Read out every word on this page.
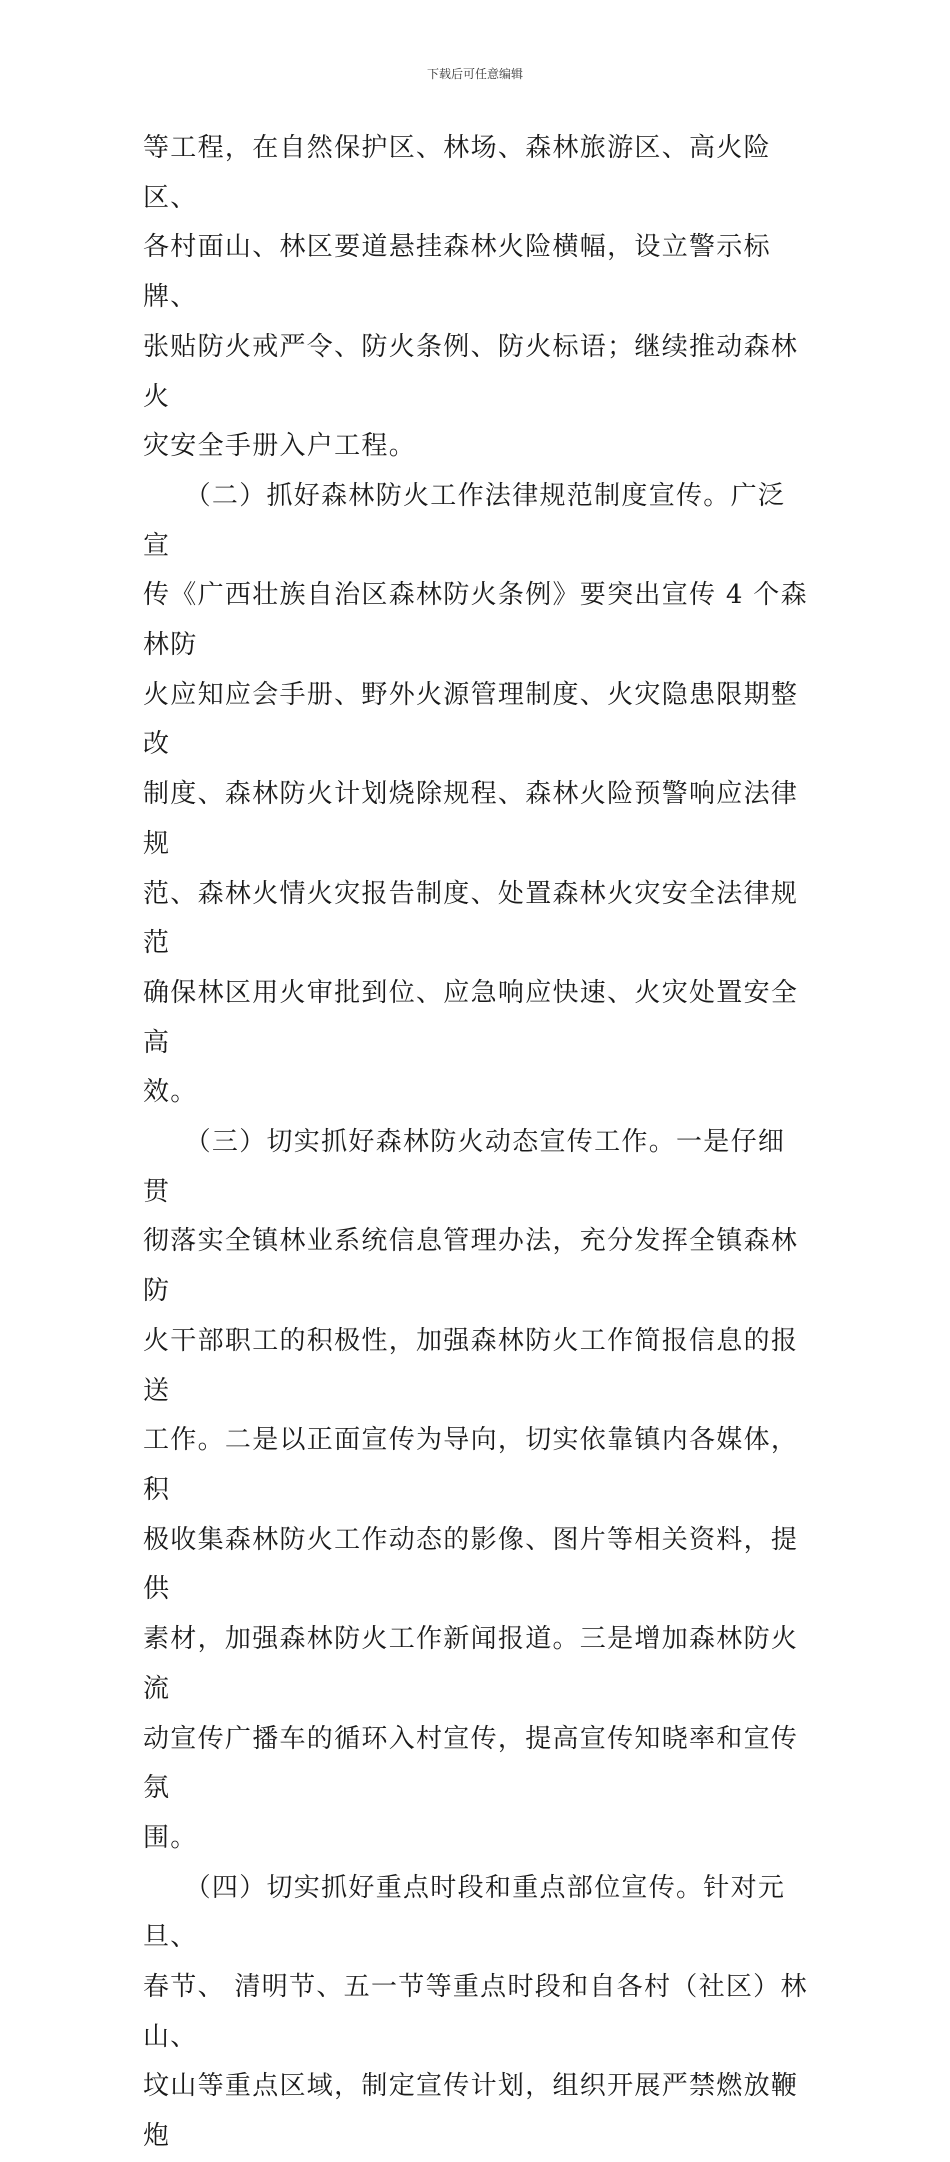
下载后可任意编辑

等工程，在自然保护区、林场、森林旅游区、高火险区、
各村面山、林区要道悬挂森林火险横幅，设立警示标牌、
张贴防火戒严令、防火条例、防火标语；继续推动森林火
灾安全手册入户工程。

　　（二）抓好森林防火工作法律规范制度宣传。广泛宣
传《广西壮族自治区森林防火条例》要突出宣传 4 个森林防
火应知应会手册、野外火源管理制度、火灾隐患限期整改
制度、森林防火计划烧除规程、森林火险预警响应法律规
范、森林火情火灾报告制度、处置森林火灾安全法律规范
确保林区用火审批到位、应急响应快速、火灾处置安全高
效。

　　（三）切实抓好森林防火动态宣传工作。一是仔细贯
彻落实全镇林业系统信息管理办法，充分发挥全镇森林防
火干部职工的积极性，加强森林防火工作简报信息的报送
工作。二是以正面宣传为导向，切实依靠镇内各媒体，积
极收集森林防火工作动态的影像、图片等相关资料，提供
素材，加强森林防火工作新闻报道。三是增加森林防火流
动宣传广播车的循环入村宣传，提高宣传知晓率和宣传氛
围。

　　（四）切实抓好重点时段和重点部位宣传。针对元旦、
春节、 清明节、五一节等重点时段和自各村（社区）林山、
坟山等重点区域，制定宣传计划，组织开展严禁燃放鞭炮
